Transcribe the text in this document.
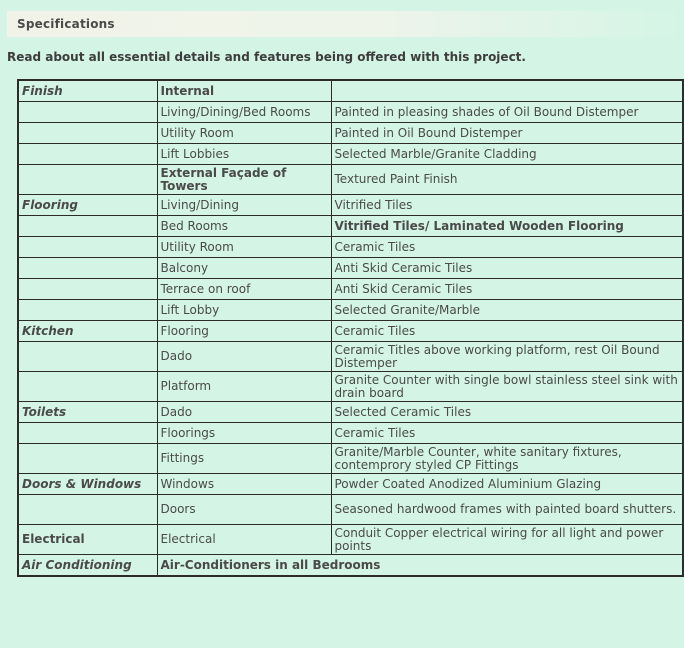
Specifications
Read about all essential details and features being offered with this project.
Finish	Internal	
	Living/Dining/Bed Rooms	Painted in pleasing shades of Oil Bound Distemper
	Utility Room	Painted in Oil Bound Distemper
	Lift Lobbies	Selected Marble/Granite Cladding
	External Façade of Towers	Textured Paint Finish
Flooring	Living/Dining	Vitrified Tiles
	Bed Rooms	Vitrified Tiles/ Laminated Wooden Flooring
	Utility Room	Ceramic Tiles
	Balcony	Anti Skid Ceramic Tiles
	Terrace on roof	Anti Skid Ceramic Tiles
	Lift Lobby	Selected Granite/Marble
Kitchen	Flooring	Ceramic Tiles
	Dado	Ceramic Titles above working platform, rest Oil Bound Distemper
	Platform	Granite Counter with single bowl stainless steel sink with drain board
Toilets	Dado	Selected Ceramic Tiles
	Floorings	Ceramic Tiles
	Fittings	Granite/Marble Counter, white sanitary fixtures, contemprory styled CP Fittings
Doors & Windows	Windows	Powder Coated Anodized Aluminium Glazing
	Doors	Seasoned hardwood frames with painted board shutters.
Electrical	Electrical	Conduit Copper electrical wiring for all light and power points
Air Conditioning	Air-Conditioners in all Bedrooms	
